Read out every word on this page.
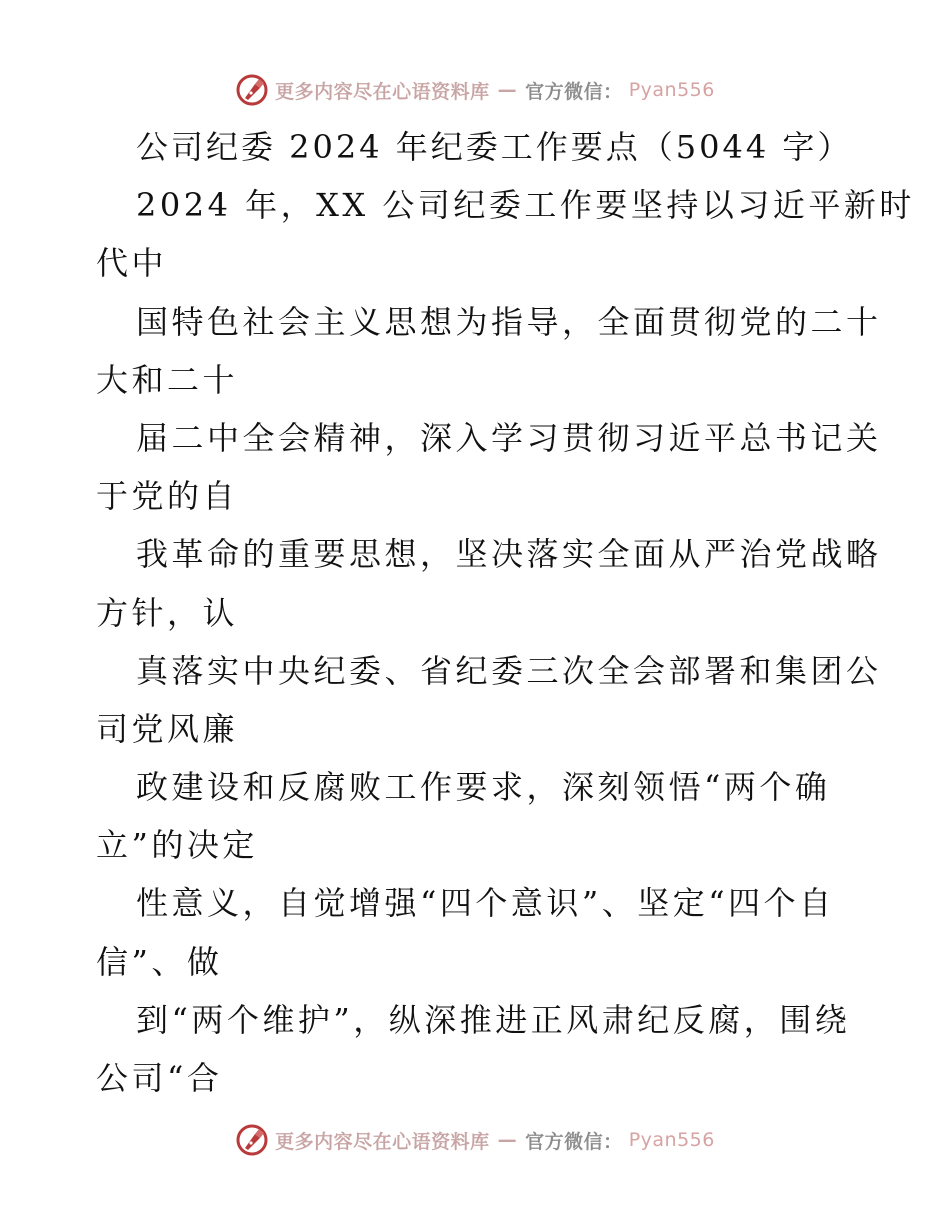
更多内容尽在心语资料库 — 官方微信： Pyan556
公司纪委 2024 年纪委工作要点（5044 字）
2024 年，XX 公司纪委工作要坚持以习近平新时
代中
国特色社会主义思想为指导，全面贯彻党的二十
大和二十
届二中全会精神，深入学习贯彻习近平总书记关
于党的自
我革命的重要思想，坚决落实全面从严治党战略
方针，认
真落实中央纪委、省纪委三次全会部署和集团公
司党风廉
政建设和反腐败工作要求，深刻领悟“两个确
立”的决定
性意义，自觉增强“四个意识”、坚定“四个自
信”、做
到“两个维护”，纵深推进正风肃纪反腐，围绕
公司“合
更多内容尽在心语资料库 — 官方微信： Pyan556
